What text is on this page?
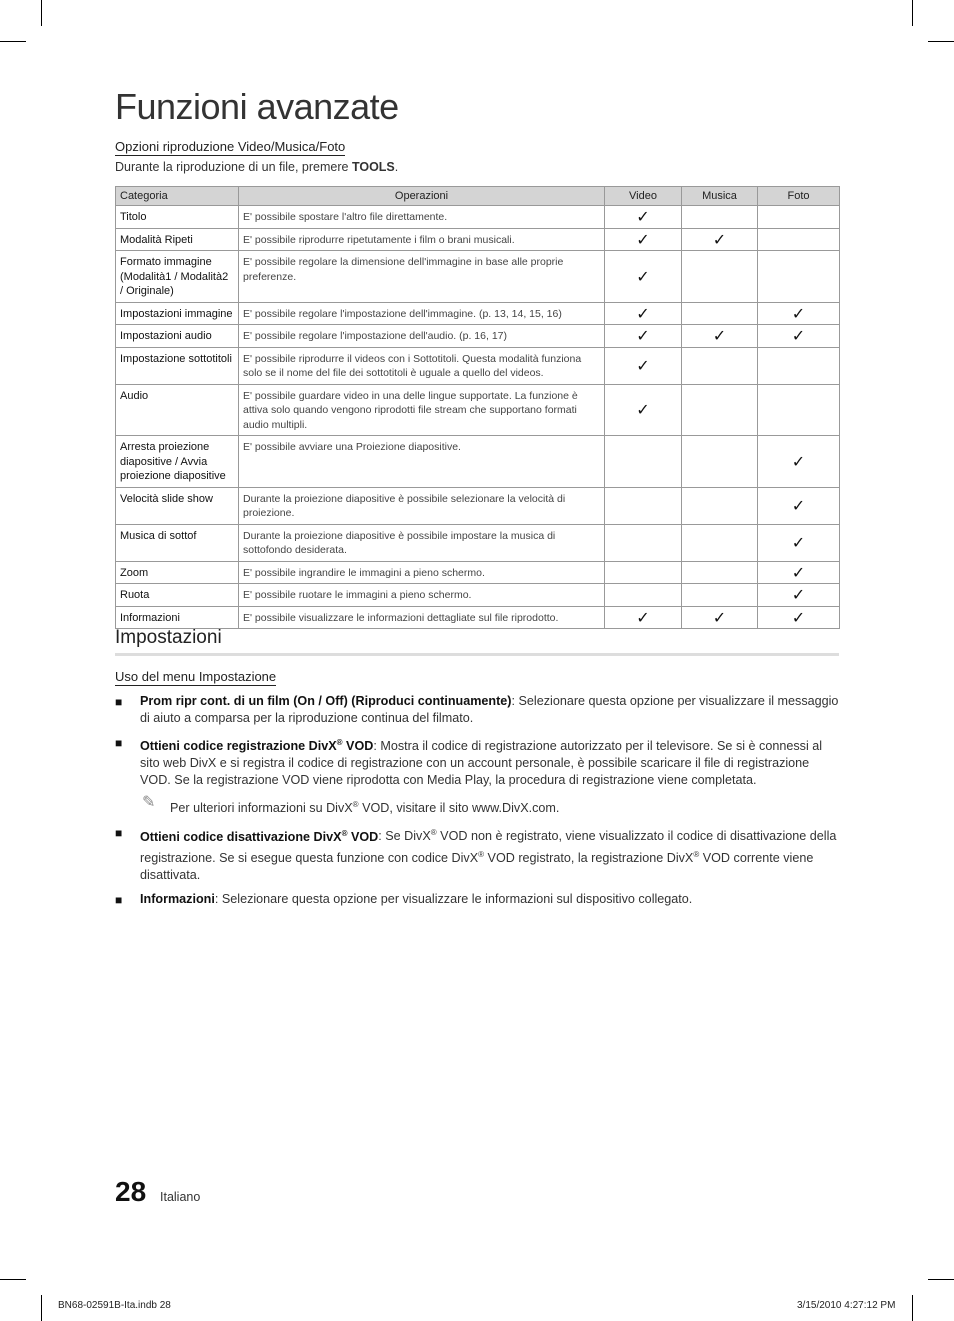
Funzioni avanzate
Opzioni riproduzione Video/Musica/Foto
Durante la riproduzione di un file, premere TOOLS.
Categoria	Operazioni	Video	Musica	Foto
Titolo	E' possibile spostare l'altro file direttamente.	✓		
Modalità Ripeti	E' possibile riprodurre ripetutamente i film o brani musicali.	✓	✓	
Formato immagine (Modalità1 / Modalità2 / Originale)	E' possibile regolare la dimensione dell'immagine in base alle proprie preferenze.	✓		
Impostazioni immagine	E' possibile regolare l'impostazione dell'immagine. (p. 13, 14, 15, 16)	✓		✓
Impostazioni audio	E' possibile regolare l'impostazione dell'audio. (p. 16, 17)	✓	✓	✓
Impostazione sottotitoli	E' possibile riprodurre il videos con i Sottotitoli. Questa modalità funziona solo se il nome del file dei sottotitoli è uguale a quello del videos.	✓		
Audio	E' possibile guardare video in una delle lingue supportate. La funzione è attiva solo quando vengono riprodotti file stream che supportano formati audio multipli.	✓		
Arresta proiezione diapositive / Avvia proiezione diapositive	E' possibile avviare una Proiezione diapositive.			✓
Velocità slide show	Durante la proiezione diapositive è possibile selezionare la velocità di proiezione.			✓
Musica di sottof	Durante la proiezione diapositive è possibile impostare la musica di sottofondo desiderata.			✓
Zoom	E' possibile ingrandire le immagini a pieno schermo.			✓
Ruota	E' possibile ruotare le immagini a pieno schermo.			✓
Informazioni	E' possibile visualizzare le informazioni dettagliate sul file riprodotto.	✓	✓	✓
Impostazioni
Uso del menu Impostazione
■ Prom ripr cont. di un film (On / Off) (Riproduci continuamente): Selezionare questa opzione per visualizzare il messaggio di aiuto a comparsa per la riproduzione continua del filmato.
■ Ottieni codice registrazione DivX® VOD: Mostra il codice di registrazione autorizzato per il televisore. Se si è connessi al sito web DivX e si registra il codice di registrazione con un account personale, è possibile scaricare il file di registrazione VOD. Se la registrazione VOD viene riprodotta con Media Play, la procedura di registrazione viene completata.
✎ Per ulteriori informazioni su DivX® VOD, visitare il sito www.DivX.com.
■ Ottieni codice disattivazione DivX® VOD: Se DivX® VOD non è registrato, viene visualizzato il codice di disattivazione della registrazione. Se si esegue questa funzione con codice DivX® VOD registrato, la registrazione DivX® VOD corrente viene disattivata.
■ Informazioni: Selezionare questa opzione per visualizzare le informazioni sul dispositivo collegato.
28 Italiano
BN68-02591B-Ita.indb 28	3/15/2010 4:27:12 PM
